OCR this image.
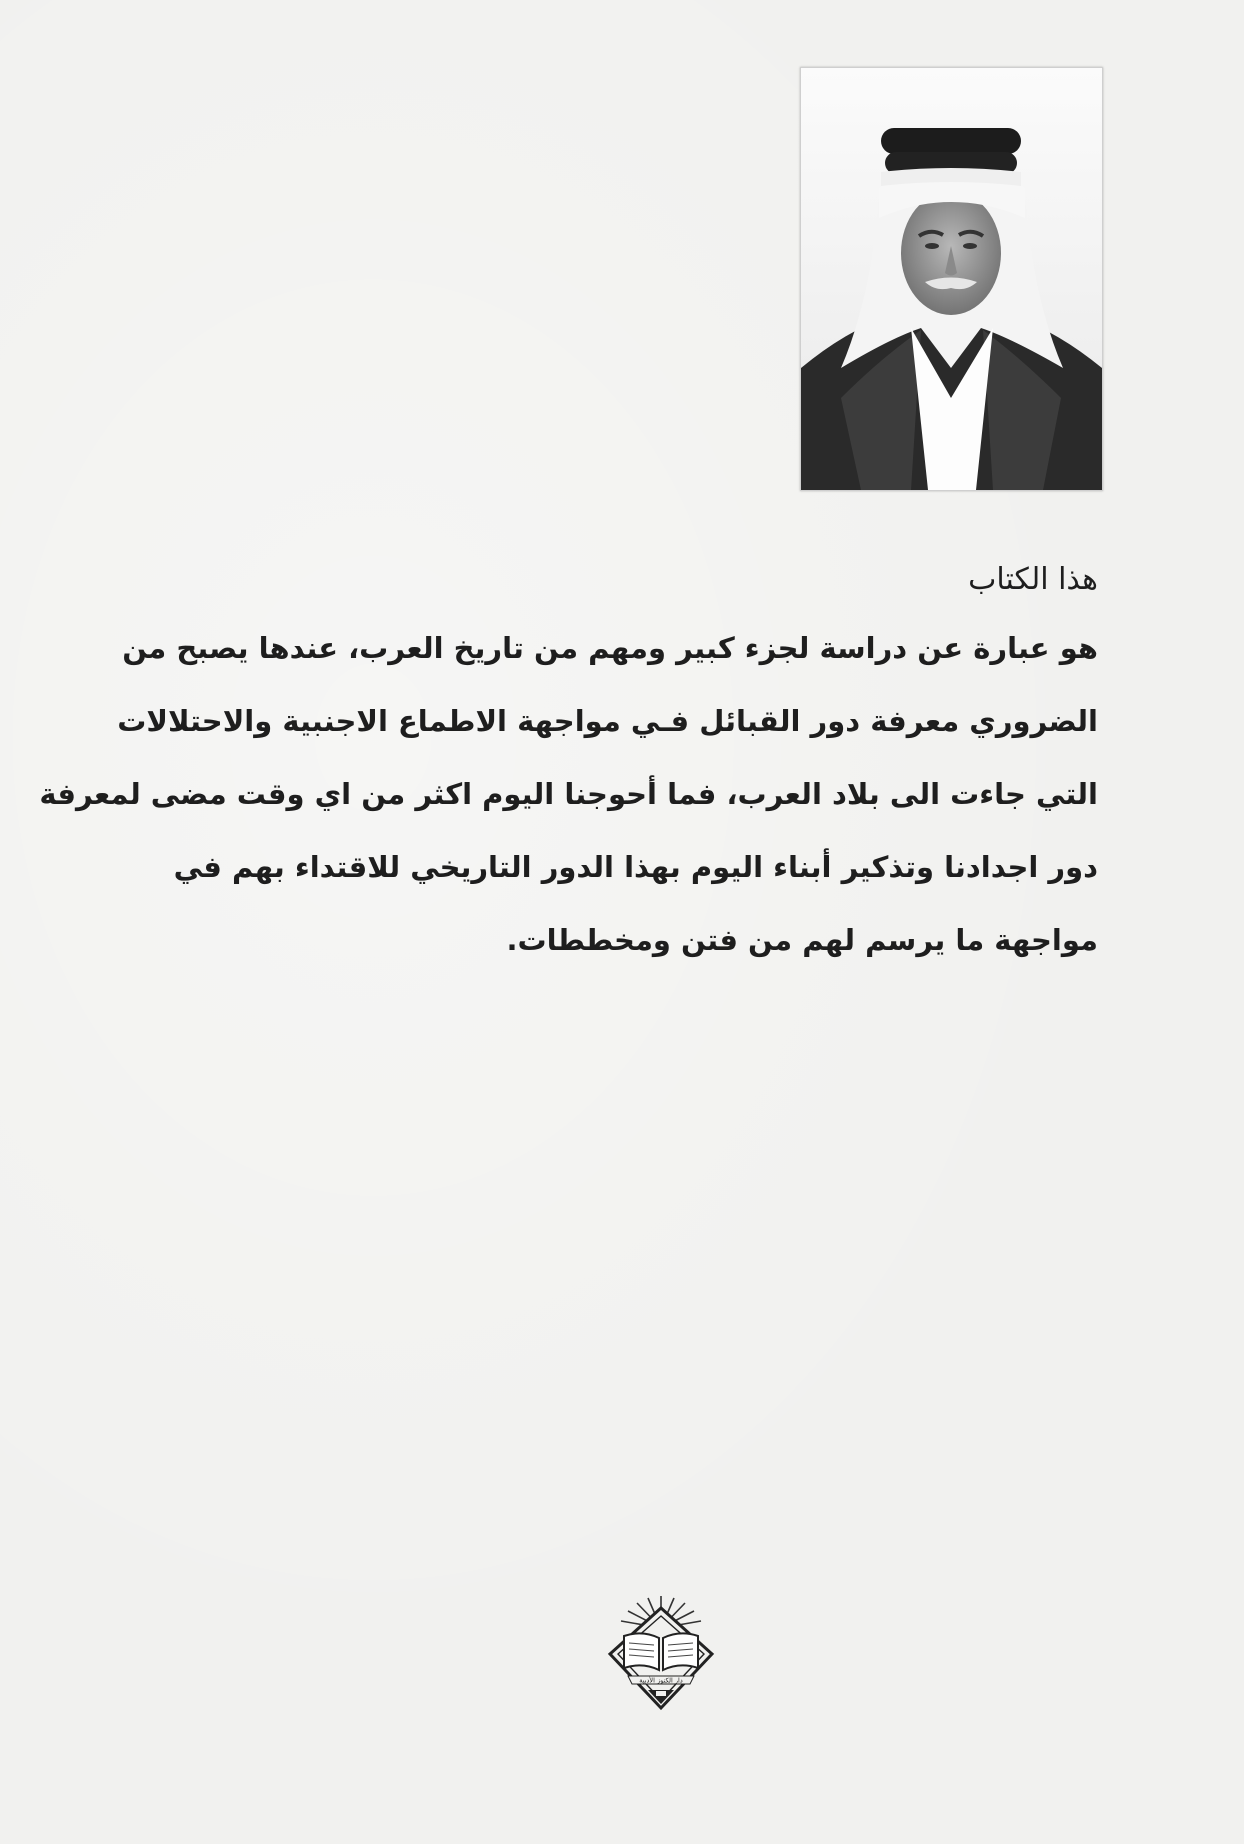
هذا الكتاب
هو عبارة عن دراسة لجزء كبير ومهم من تاريخ العرب، عندها يصبح من
الضروري معرفة دور القبائل فـي مواجهة الاطماع الاجنبية والاحتلالات
التي جاءت الى بلاد العرب، فما أحوجنا اليوم اكثر من اي وقت مضى لمعرفة
دور اجدادنا وتذكير أبناء اليوم بهذا الدور التاريخي للاقتداء بهم في
مواجهة ما يرسم لهم من فتن ومخططات.
دار الكنوز الأدبية
